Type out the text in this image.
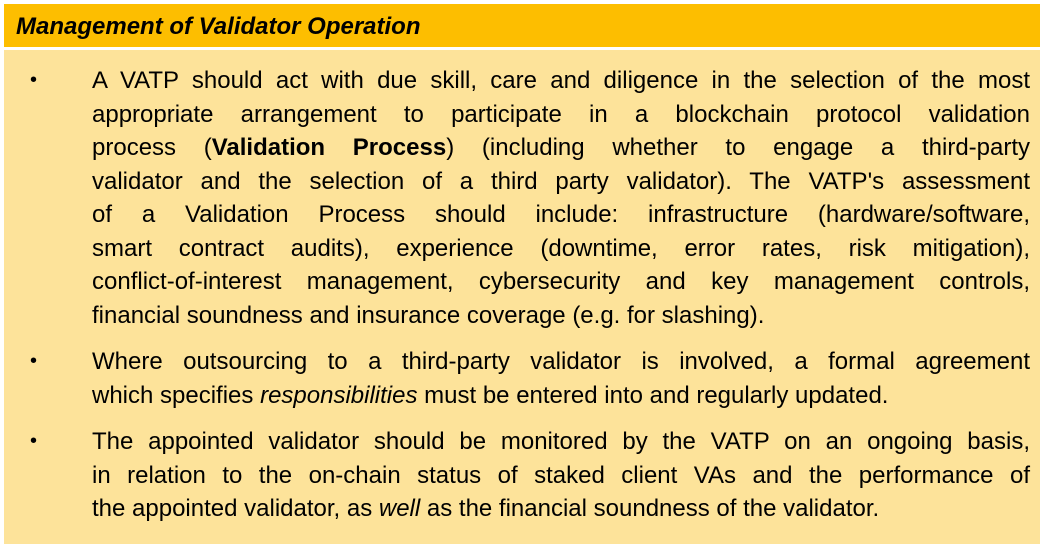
Management of Validator Operation
• A VATP should act with due skill, care and diligence in the selection of the most
appropriate arrangement to participate in a blockchain protocol validation
process (Validation Process) (including whether to engage a third-party
validator and the selection of a third party validator). The VATP's assessment
of a Validation Process should include: infrastructure (hardware/software,
smart contract audits), experience (downtime, error rates, risk mitigation),
conflict-of-interest management, cybersecurity and key management controls,
financial soundness and insurance coverage (e.g. for slashing).
• Where outsourcing to a third-party validator is involved, a formal agreement
which specifies responsibilities must be entered into and regularly updated.
• The appointed validator should be monitored by the VATP on an ongoing basis,
in relation to the on-chain status of staked client VAs and the performance of
the appointed validator, as well as the financial soundness of the validator.
